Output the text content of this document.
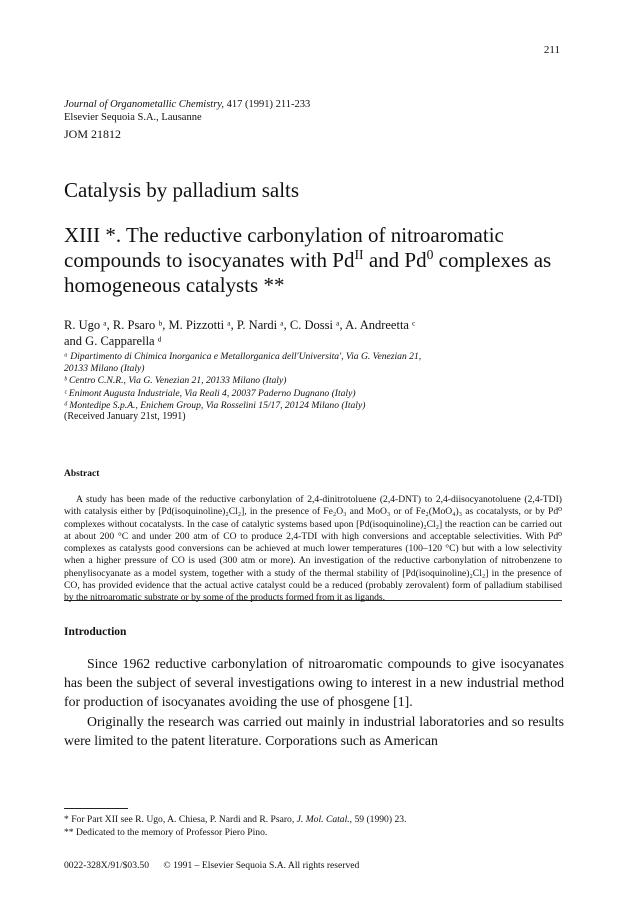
211
Journal of Organometallic Chemistry, 417 (1991) 211-233
Elsevier Sequoia S.A., Lausanne
JOM 21812
Catalysis by palladium salts
XIII *. The reductive carbonylation of nitroaromatic compounds to isocyanates with $Pd^{II}$ and Pd$^0$ complexes as homogeneous catalysts **
R. Ugo ᵃ, R. Psaro ᵇ, M. Pizzotti ᵃ, P. Nardi ᵃ, C. Dossi ᵃ, A. Andreetta ᶜ
and G. Capparella ᵈ
ᵃ Dipartimento di Chimica Inorganica e Metallorganica dell'Universita', Via G. Venezian 21,
20133 Milano (Italy)
ᵇ Centro C.N.R., Via G. Venezian 21, 20133 Milano (Italy)
ᶜ Enimont Augusta Industriale, Via Reali 4, 20037 Paderno Dugnano (Italy)
ᵈ Montedipe S.p.A., Enichem Group, Via Rosselini 15/17, 20124 Milano (Italy)
(Received January 21st, 1991)
Abstract
A study has been made of the reductive carbonylation of 2,4-dinitrotoluene (2,4-DNT) to 2,4-diisocyanotoluene (2,4-TDI) with catalysis either by [Pd(isoquinoline)₂Cl₂], in the presence of Fe₂O₃ and MoO₃ or of Fe₂(MoO₄)₃ as cocatalysts, or by Pd⁰ complexes without cocatalysts. In the case of catalytic systems based upon [Pd(isoquinoline)₂Cl₂] the reaction can be carried out at about 200 °C and under 200 atm of CO to produce 2,4-TDI with high conversions and acceptable selectivities. With Pd⁰ complexes as catalysts good conversions can be achieved at much lower temperatures (100–120 °C) but with a low selectivity when a higher pressure of CO is used (300 atm or more). An investigation of the reductive carbonylation of nitrobenzene to phenylisocyanate as a model system, together with a study of the thermal stability of [Pd(isoquinoline)₂Cl₂] in the presence of CO, has provided evidence that the actual active catalyst could be a reduced (probably zerovalent) form of palladium stabilised by the nitroaromatic substrate or by some of the products formed from it as ligands.
Introduction

Since 1962 reductive carbonylation of nitroaromatic compounds to give isocyanates has been the subject of several investigations owing to interest in a new industrial method for production of isocyanates avoiding the use of phosgene [1].

Originally the research was carried out mainly in industrial laboratories and so results were limited to the patent literature. Corporations such as American

* For Part XII see R. Ugo, A. Chiesa, P. Nardi and R. Psaro, J. Mol. Catal., 59 (1990) 23.
** Dedicated to the memory of Professor Piero Pino.
0022-328X/91/$03.50      © 1991 – Elsevier Sequoia S.A. All rights reserved
